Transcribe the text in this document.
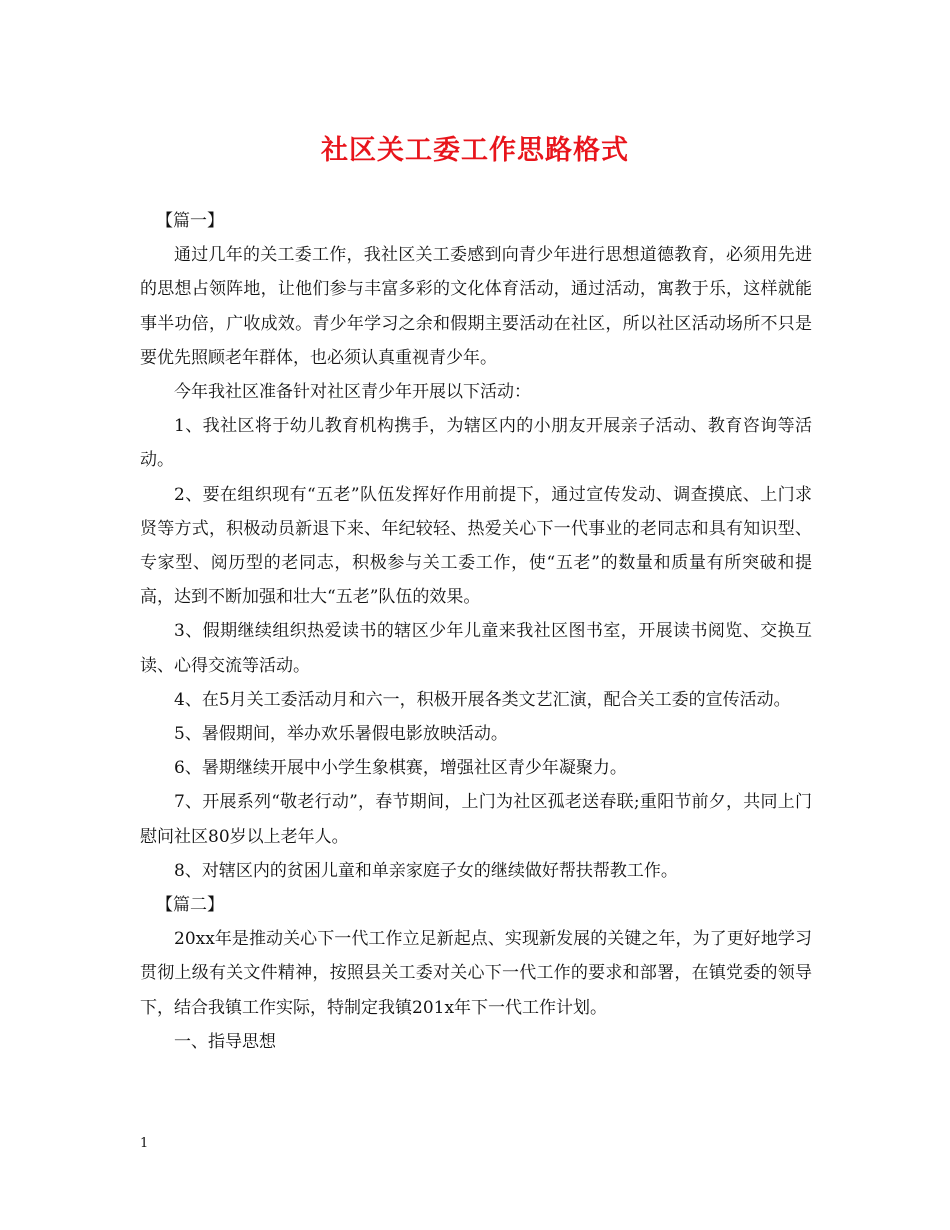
社区关工委工作思路格式

【篇一】

通过几年的关工委工作，我社区关工委感到向青少年进行思想道德教育，必须用先进的思想占领阵地，让他们参与丰富多彩的文化体育活动，通过活动，寓教于乐，这样就能事半功倍，广收成效。青少年学习之余和假期主要活动在社区，所以社区活动场所不只是要优先照顾老年群体，也必须认真重视青少年。

今年我社区准备针对社区青少年开展以下活动：

1、我社区将于幼儿教育机构携手，为辖区内的小朋友开展亲子活动、教育咨询等活动。

2、要在组织现有“五老”队伍发挥好作用前提下，通过宣传发动、调查摸底、上门求贤等方式，积极动员新退下来、年纪较轻、热爱关心下一代事业的老同志和具有知识型、专家型、阅历型的老同志，积极参与关工委工作，使“五老”的数量和质量有所突破和提高，达到不断加强和壮大“五老”队伍的效果。

3、假期继续组织热爱读书的辖区少年儿童来我社区图书室，开展读书阅览、交换互读、心得交流等活动。

4、在5月关工委活动月和六一，积极开展各类文艺汇演，配合关工委的宣传活动。

5、暑假期间，举办欢乐暑假电影放映活动。

6、暑期继续开展中小学生象棋赛，增强社区青少年凝聚力。

7、开展系列“敬老行动”，春节期间，上门为社区孤老送春联;重阳节前夕，共同上门慰问社区80岁以上老年人。

8、对辖区内的贫困儿童和单亲家庭子女的继续做好帮扶帮教工作。

【篇二】

20xx年是推动关心下一代工作立足新起点、实现新发展的关键之年，为了更好地学习贯彻上级有关文件精神，按照县关工委对关心下一代工作的要求和部署，在镇党委的领导下，结合我镇工作实际，特制定我镇201x年下一代工作计划。

一、指导思想

1
